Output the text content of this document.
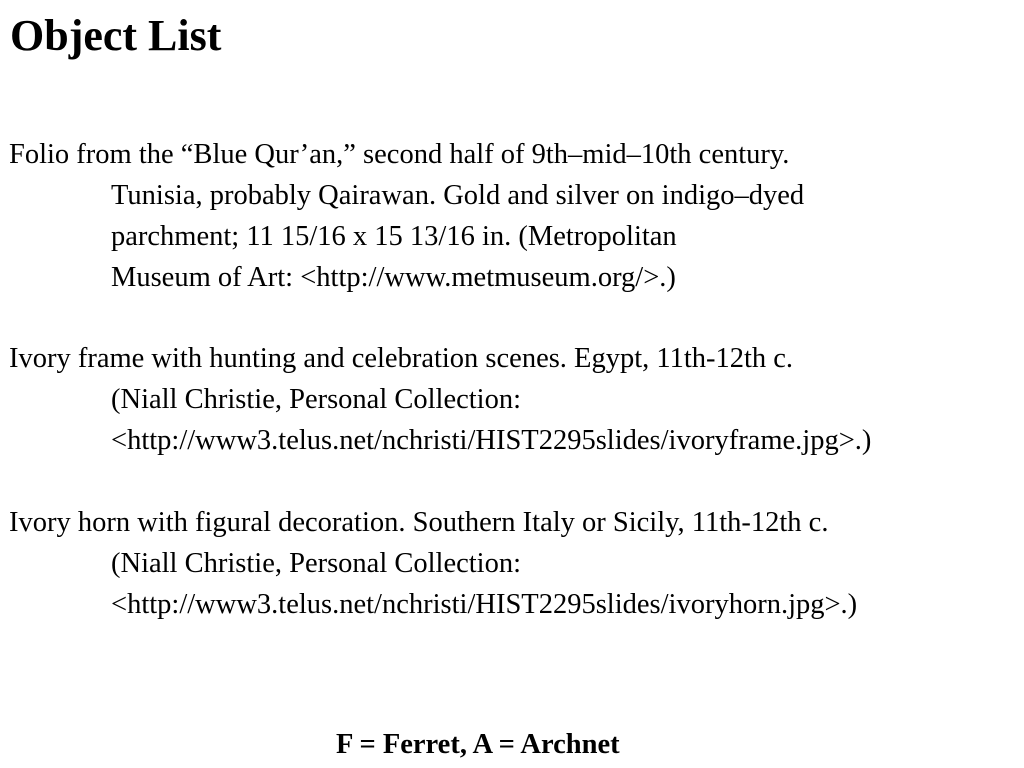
Object List
Folio from the “Blue Qur’an,” second half of 9th–mid–10th century.
Tunisia, probably Qairawan. Gold and silver on indigo–dyed
parchment; 11 15/16 x 15 13/16 in. (Metropolitan
Museum of Art: <http://www.metmuseum.org/>.)
Ivory frame with hunting and celebration scenes. Egypt, 11th-12th c.
(Niall Christie, Personal Collection:
<http://www3.telus.net/nchristi/HIST2295slides/ivoryframe.jpg>.)
Ivory horn with figural decoration. Southern Italy or Sicily, 11th-12th c.
(Niall Christie, Personal Collection:
<http://www3.telus.net/nchristi/HIST2295slides/ivoryhorn.jpg>.)
F = Ferret, A = Archnet
